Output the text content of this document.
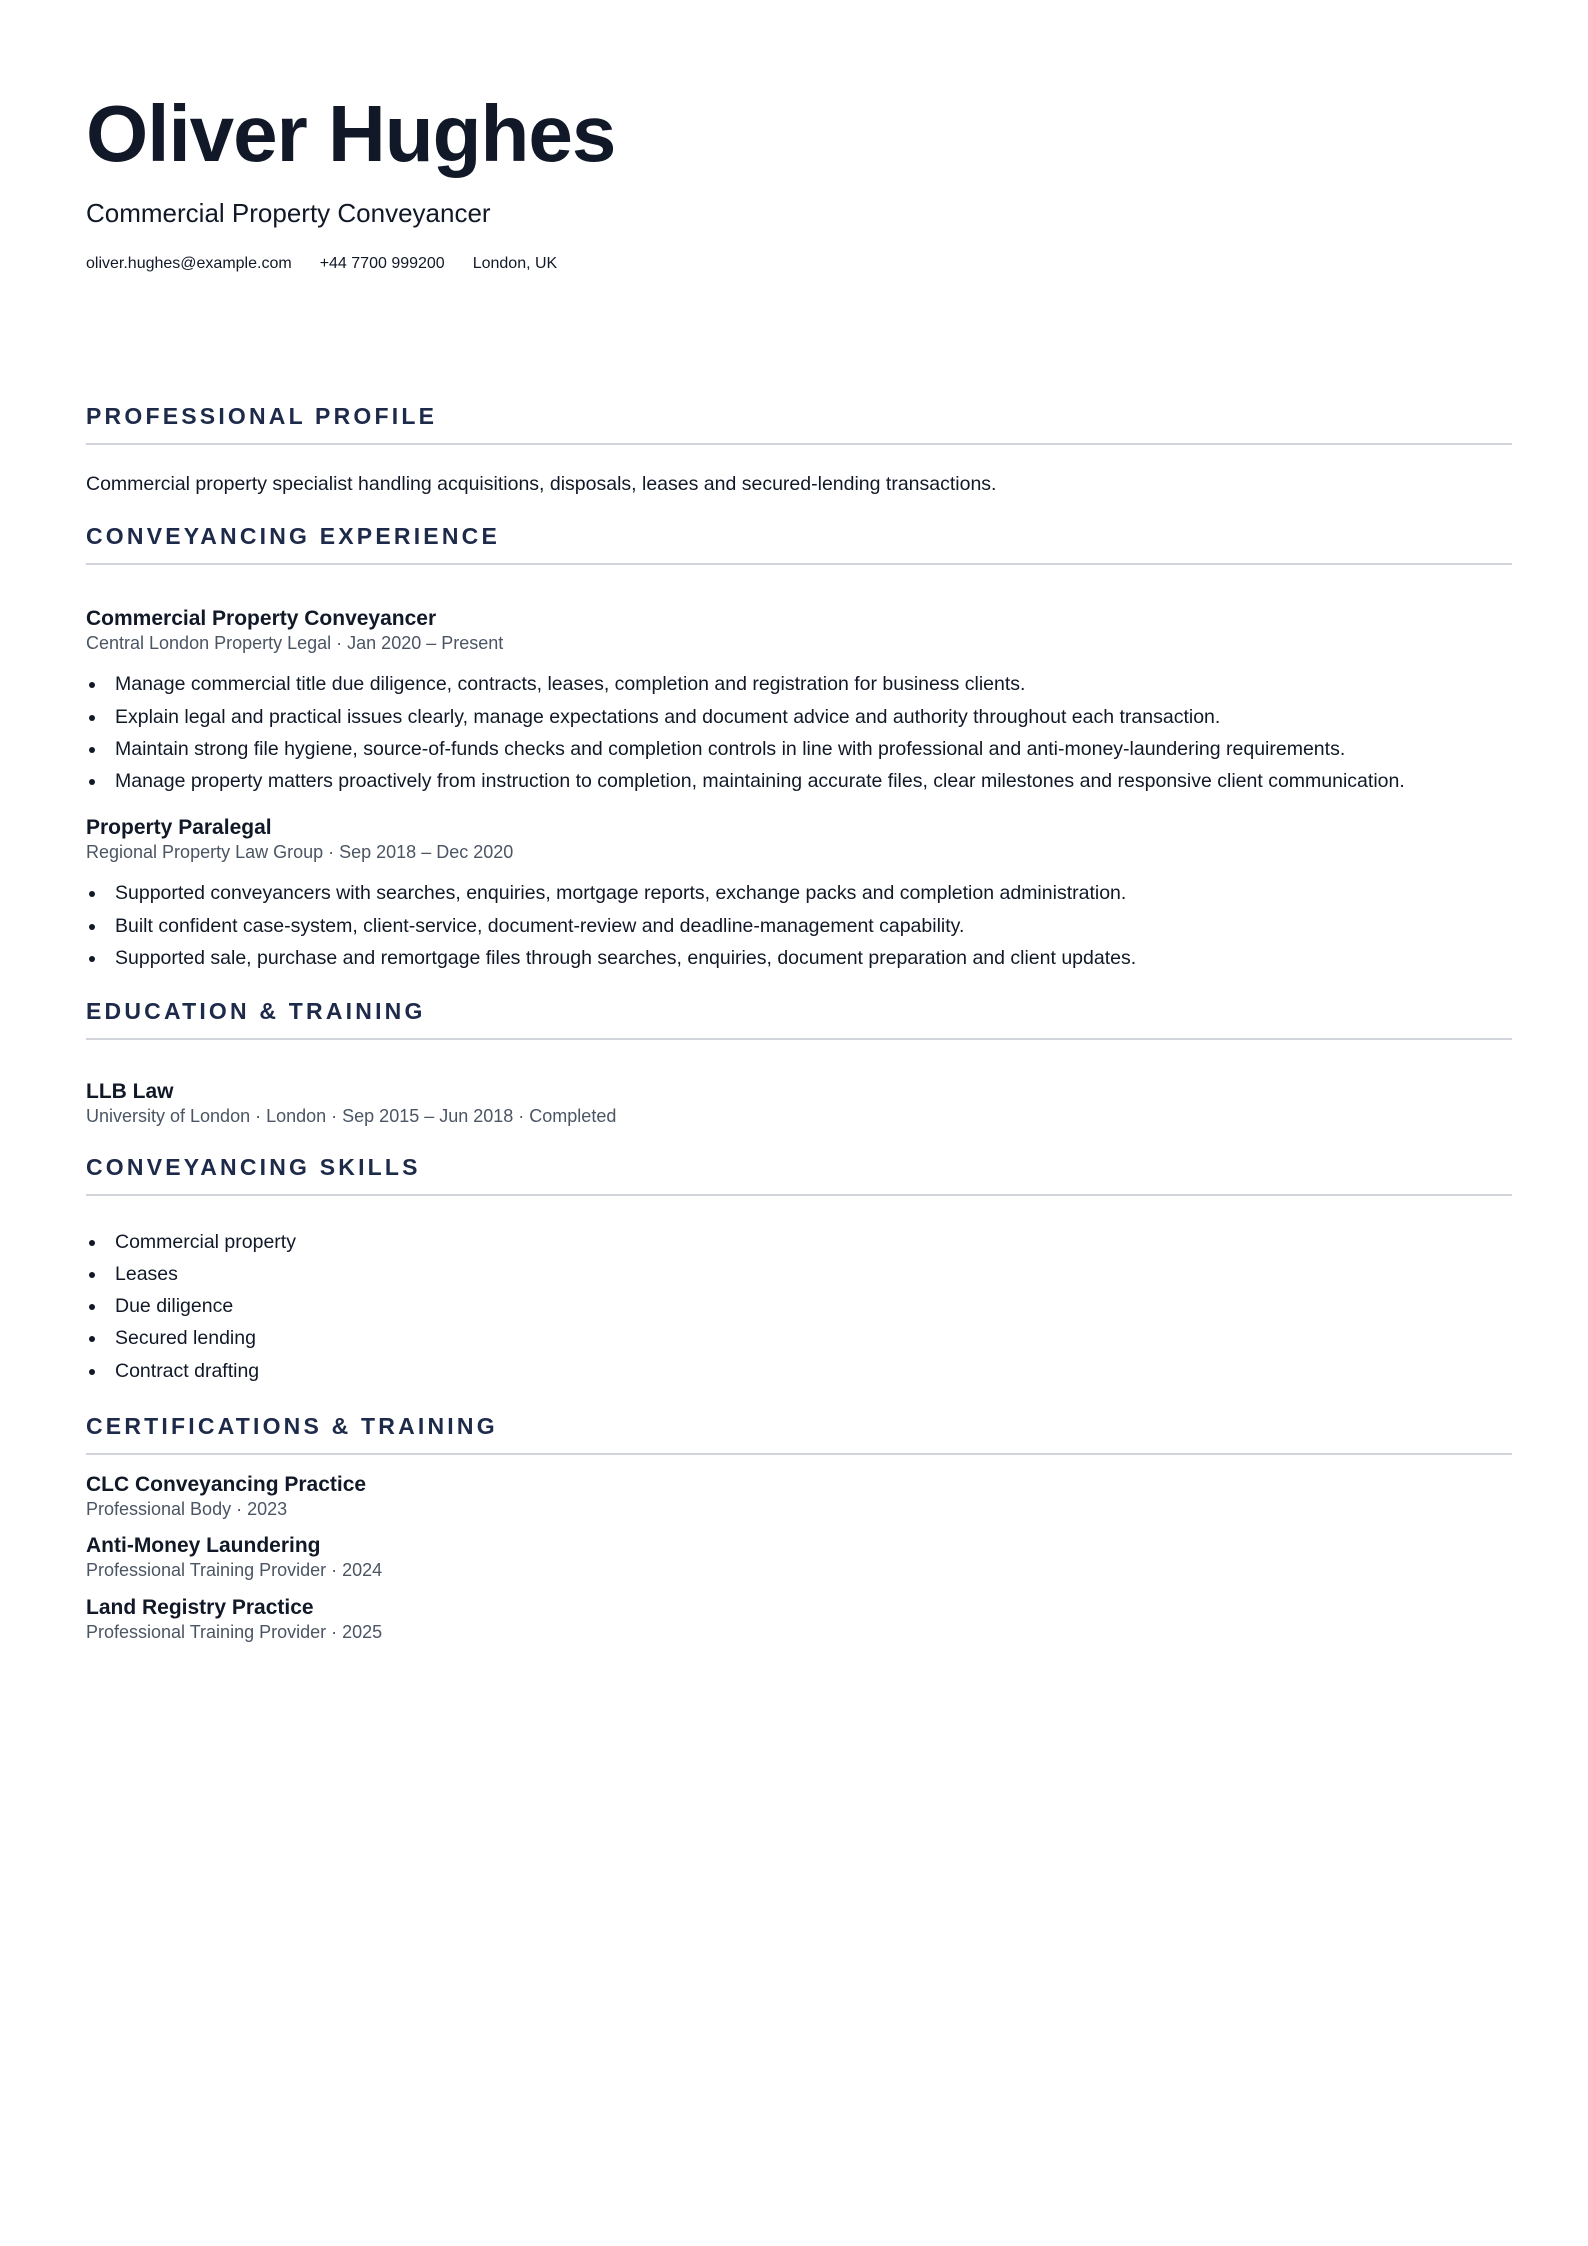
Oliver Hughes
Commercial Property Conveyancer
oliver.hughes@example.com +44 7700 999200 London, UK
PROFESSIONAL PROFILE
Commercial property specialist handling acquisitions, disposals, leases and secured-lending transactions.
CONVEYANCING EXPERIENCE
Commercial Property Conveyancer
Central London Property Legal · Jan 2020 – Present
Manage commercial title due diligence, contracts, leases, completion and registration for business clients.
Explain legal and practical issues clearly, manage expectations and document advice and authority throughout each transaction.
Maintain strong file hygiene, source-of-funds checks and completion controls in line with professional and anti-money-laundering requirements.
Manage property matters proactively from instruction to completion, maintaining accurate files, clear milestones and responsive client communication.
Property Paralegal
Regional Property Law Group · Sep 2018 – Dec 2020
Supported conveyancers with searches, enquiries, mortgage reports, exchange packs and completion administration.
Built confident case-system, client-service, document-review and deadline-management capability.
Supported sale, purchase and remortgage files through searches, enquiries, document preparation and client updates.
EDUCATION & TRAINING
LLB Law
University of London · London · Sep 2015 – Jun 2018 · Completed
CONVEYANCING SKILLS
Commercial property
Leases
Due diligence
Secured lending
Contract drafting
CERTIFICATIONS & TRAINING
CLC Conveyancing Practice
Professional Body · 2023
Anti-Money Laundering
Professional Training Provider · 2024
Land Registry Practice
Professional Training Provider · 2025
